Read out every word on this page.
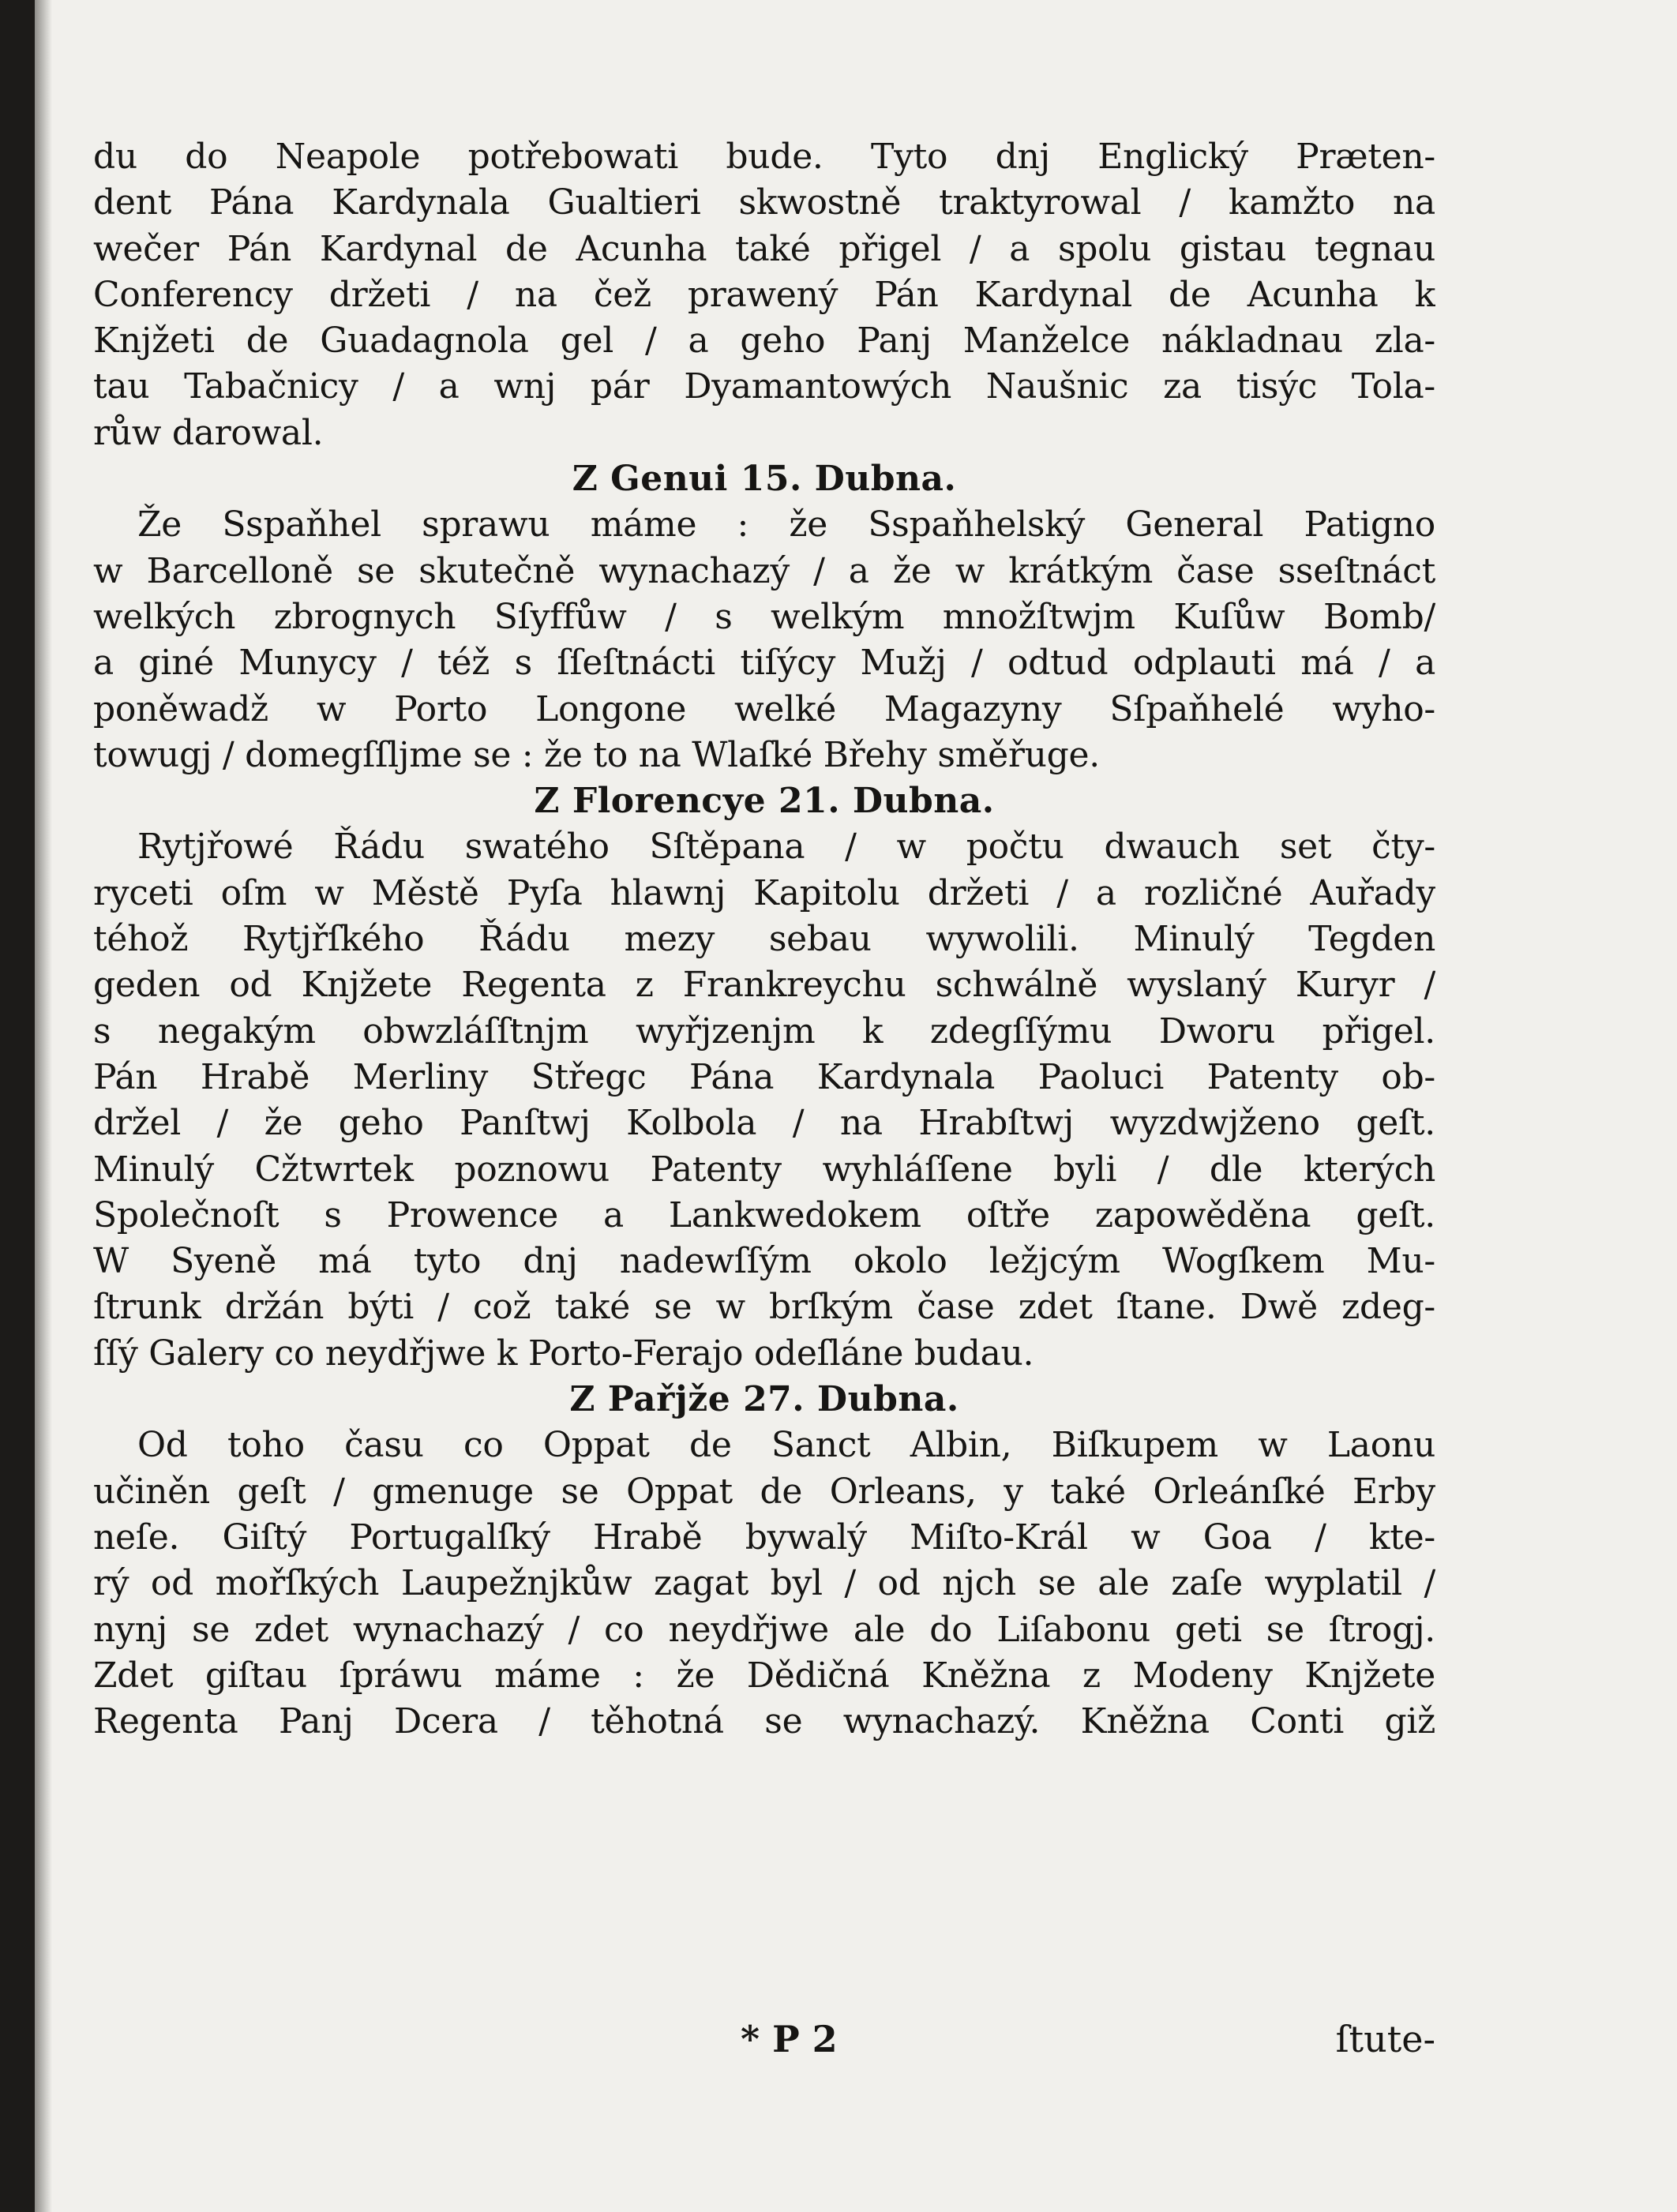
du do Neapole potřebowati bude. Tyto dnj Englický Præten-
dent Pána Kardynala Gualtieri skwostně traktyrowal / kamžto na
wečer Pán Kardynal de Acunha také přigel / a spolu gistau tegnau
Conferency držeti / na čež prawený Pán Kardynal de Acunha k
Knjžeti de Guadagnola gel / a geho Panj Manželce nákladnau zla-
tau Tabačnicy / a wnj pár Dyamantowých Naušnic za tisýc Tola-
růw darowal.
Z Genui 15. Dubna.
Že Sspaňhel sprawu máme : že Sspaňhelský General Patigno
w Barcelloně se skutečně wynachazý / a že w krátkým čase sseſtnáct
welkých zbrognych Sſyffůw / s welkým množſtwjm Kuſůw Bomb/
a giné Munycy / též s ſſeſtnácti tiſýcy Mužj / odtud odplauti má / a
poněwadž w Porto Longone welké Magazyny Sſpaňhelé wyho-
towugj / domegſſljme se : že to na Wlaſké Břehy směřuge.
Z Florencye 21. Dubna.
Rytjřowé Řádu swatého Sſtěpana / w počtu dwauch set čty-
ryceti oſm w Městě Pyſa hlawnj Kapitolu držeti / a rozličné Auřady
téhož Rytjřſkého Řádu mezy sebau wywolili. Minulý Tegden
geden od Knjžete Regenta z Frankreychu schwálně wyslaný Kuryr /
s negakým obwzláſſtnjm wyřjzenjm k zdegſſýmu Dworu přigel.
Pán Hrabě Merliny Střegc Pána Kardynala Paoluci Patenty ob-
držel / že geho Panſtwj Kolbola / na Hrabſtwj wyzdwjženo geſt.
Minulý Cžtwrtek poznowu Patenty wyhláſſene byli / dle kterých
Společnoſt s Prowence a Lankwedokem oſtře zapowěděna geſt.
W Syeně má tyto dnj nadewſſým okolo ležjcým Wogſkem Mu-
ſtrunk držán býti / což také se w brſkým čase zdet ſtane. Dwě zdeg-
ſſý Galery co neydřjwe k Porto-Ferajo odeſláne budau.
Z Pařjže 27. Dubna.
Od toho času co Oppat de Sanct Albin, Biſkupem w Laonu
učiněn geſt / gmenuge se Oppat de Orleans, y také Orleánſké Erby
neſe. Giſtý Portugalſký Hrabě bywalý Miſto-Král w Goa / kte-
rý od mořſkých Laupežnjkůw zagat byl / od njch se ale zaſe wyplatil /
nynj se zdet wynachazý / co neydřjwe ale do Liſabonu geti se ſtrogj.
Zdet giſtau ſpráwu máme : že Dědičná Kněžna z Modeny Knjžete
Regenta Panj Dcera / těhotná se wynachazý. Kněžna Conti giž
* P 2	ſtute-
